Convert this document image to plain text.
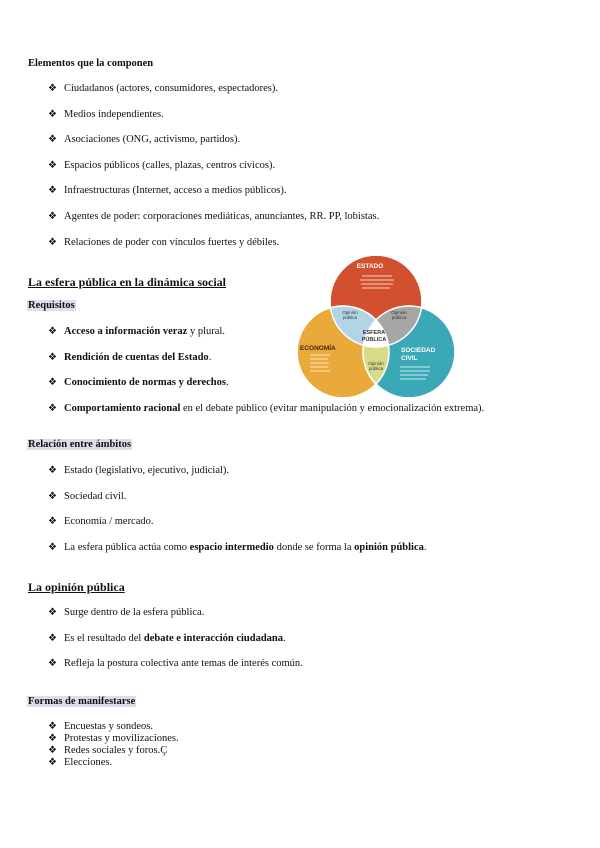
Elementos que la componen
❖ Ciudadanos (actores, consumidores, espectadores).
❖ Medios independientes.
❖ Asociaciones (ONG, activismo, partidos).
❖ Espacios públicos (calles, plazas, centros cívicos).
❖ Infraestructuras (Internet, acceso a medios públicos).
❖ Agentes de poder: corporaciones mediáticas, anunciantes, RR. PP, lobistas.
❖ Relaciones de poder con vínculos fuertes y débiles.
La esfera pública en la dinámica social
Requisitos
❖ Acceso a información veraz y plural.
❖ Rendición de cuentas del Estado.
❖ Conocimiento de normas y derechos.
❖ Comportamiento racional en el debate público (evitar manipulación y emocionalización extrema).
ESTADO
ECONOMÍA	SOCIEDAD
CIVIL
ESFERA
PÚBLICA
Opinión
pública
Opinión
pública
Opinión
pública
Relación entre ámbitos
❖ Estado (legislativo, ejecutivo, judicial).
❖ Sociedad civil.
❖ Economía / mercado.
❖ La esfera pública actúa como espacio intermedio donde se forma la opinión pública.
La opinión pública
❖ Surge dentro de la esfera pública.
❖ Es el resultado del debate e interacción ciudadana.
❖ Refleja la postura colectiva ante temas de interés común.
Formas de manifestarse
❖ Encuestas y sondeos.
❖ Protestas y movilizaciones.
❖ Redes sociales y foros.Ç
❖ Elecciones.
